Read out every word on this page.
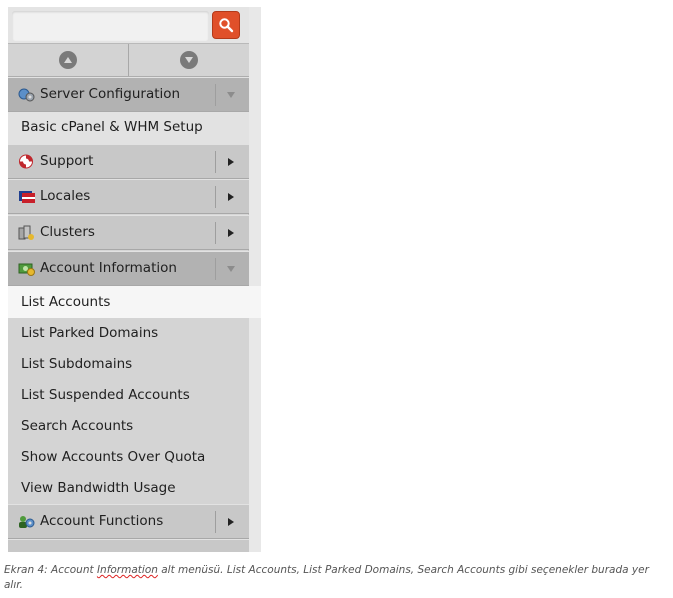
Server Configuration
Basic cPanel & WHM Setup
Support
Locales
Clusters
Account Information
List Accounts
List Parked Domains
List Subdomains
List Suspended Accounts
Search Accounts
Show Accounts Over Quota
View Bandwidth Usage
Account Functions
Ekran 4: Account Information alt menüsü. List Accounts, List Parked Domains, Search Accounts gibi seçenekler burada yer alır.
